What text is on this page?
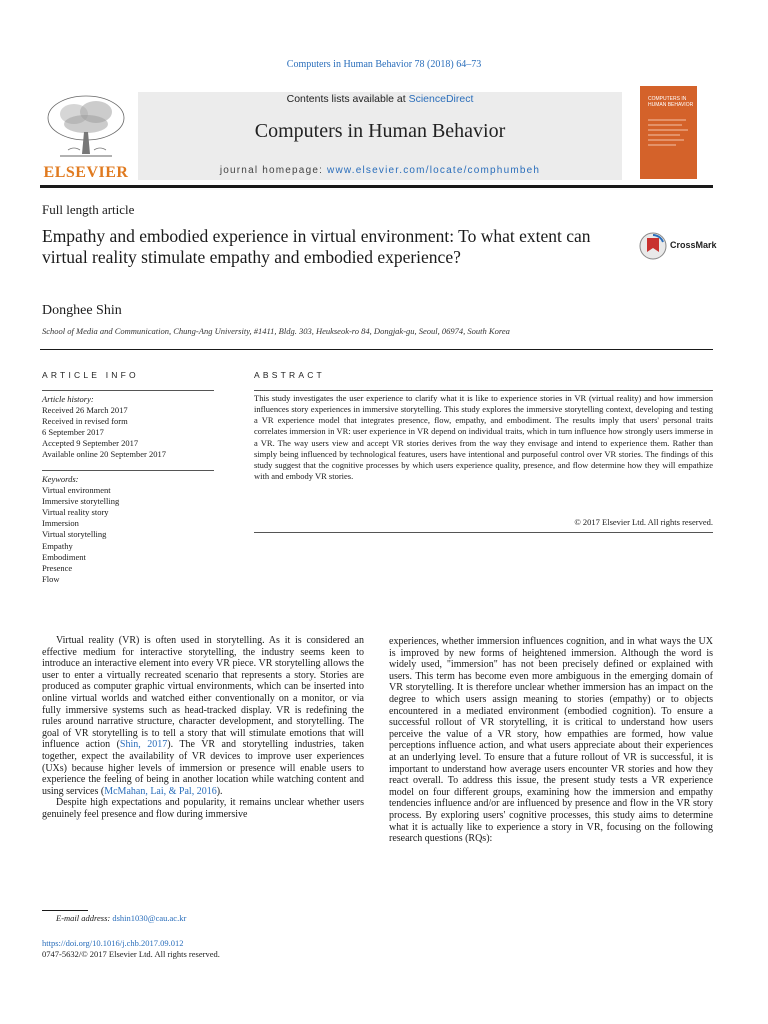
Computers in Human Behavior 78 (2018) 64–73
ELSEVIER
Contents lists available at ScienceDirect
Computers in Human Behavior
journal homepage: www.elsevier.com/locate/comphumbeh
COMPUTERS IN HUMAN BEHAVIOR
Full length article
Empathy and embodied experience in virtual environment: To what extent can virtual reality stimulate empathy and embodied experience?
CrossMark
Donghee Shin
School of Media and Communication, Chung-Ang University, #1411, Bldg. 303, Heukseok-ro 84, Dongjak-gu, Seoul, 06974, South Korea
ARTICLE INFO
Article history:
Received 26 March 2017
Received in revised form
6 September 2017
Accepted 9 September 2017
Available online 20 September 2017
Keywords:
Virtual environment
Immersive storytelling
Virtual reality story
Immersion
Virtual storytelling
Empathy
Embodiment
Presence
Flow
ABSTRACT
This study investigates the user experience to clarify what it is like to experience stories in VR (virtual reality) and how immersion influences story experiences in immersive storytelling. This study explores the immersive storytelling context, developing and testing a VR experience model that integrates presence, flow, empathy, and embodiment. The results imply that users' personal traits correlates immersion in VR: user experience in VR depend on individual traits, which in turn influence how strongly users immerse in a VR. The way users view and accept VR stories derives from the way they envisage and intend to experience them. Rather than simply being influenced by technological features, users have intentional and purposeful control over VR stories. The findings of this study suggest that the cognitive processes by which users experience quality, presence, and flow determine how they will empathize with and embody VR stories.
© 2017 Elsevier Ltd. All rights reserved.

Virtual reality (VR) is often used in storytelling. As it is considered an effective medium for interactive storytelling, the industry seems keen to introduce an interactive element into every VR piece. VR storytelling allows the user to enter a virtually recreated scenario that represents a story. Stories are produced as computer graphic virtual environments, which can be inserted into online virtual worlds and watched either conventionally on a monitor, or via fully immersive systems such as head-tracked display. VR is redefining the rules around narrative structure, character development, and storytelling. The goal of VR storytelling is to tell a story that will stimulate emotions that will influence action (Shin, 2017). The VR and storytelling industries, taken together, expect the availability of VR devices to improve user experiences (UXs) because higher levels of immersion or presence will enable users to experience the feeling of being in another location while watching content and using services (McMahan, Lai, & Pal, 2016).

Despite high expectations and popularity, it remains unclear whether users genuinely feel presence and flow during immersive

experiences, whether immersion influences cognition, and in what ways the UX is improved by new forms of heightened immersion. Although the word is widely used, "immersion" has not been precisely defined or explained with users. This term has become even more ambiguous in the emerging domain of VR storytelling. It is therefore unclear whether immersion has an impact on the degree to which users assign meaning to stories (empathy) or to objects encountered in a mediated environment (embodied cognition). To ensure a successful rollout of VR storytelling, it is critical to understand how users perceive the value of a VR story, how empathies are formed, how value perceptions influence action, and what users appreciate about their experiences at an underlying level. To ensure that a future rollout of VR is successful, it is important to understand how average users encounter VR stories and how they react overall. To address this issue, the present study tests a VR experience model on four different groups, examining how the immersion and empathy tendencies influence and/or are influenced by presence and flow in the VR story process. By exploring users' cognitive processes, this study aims to determine what it is actually like to experience a story in VR, focusing on the following research questions (RQs):

E-mail address: dshin1030@cau.ac.kr
https://doi.org/10.1016/j.chb.2017.09.012
0747-5632/© 2017 Elsevier Ltd. All rights reserved.
